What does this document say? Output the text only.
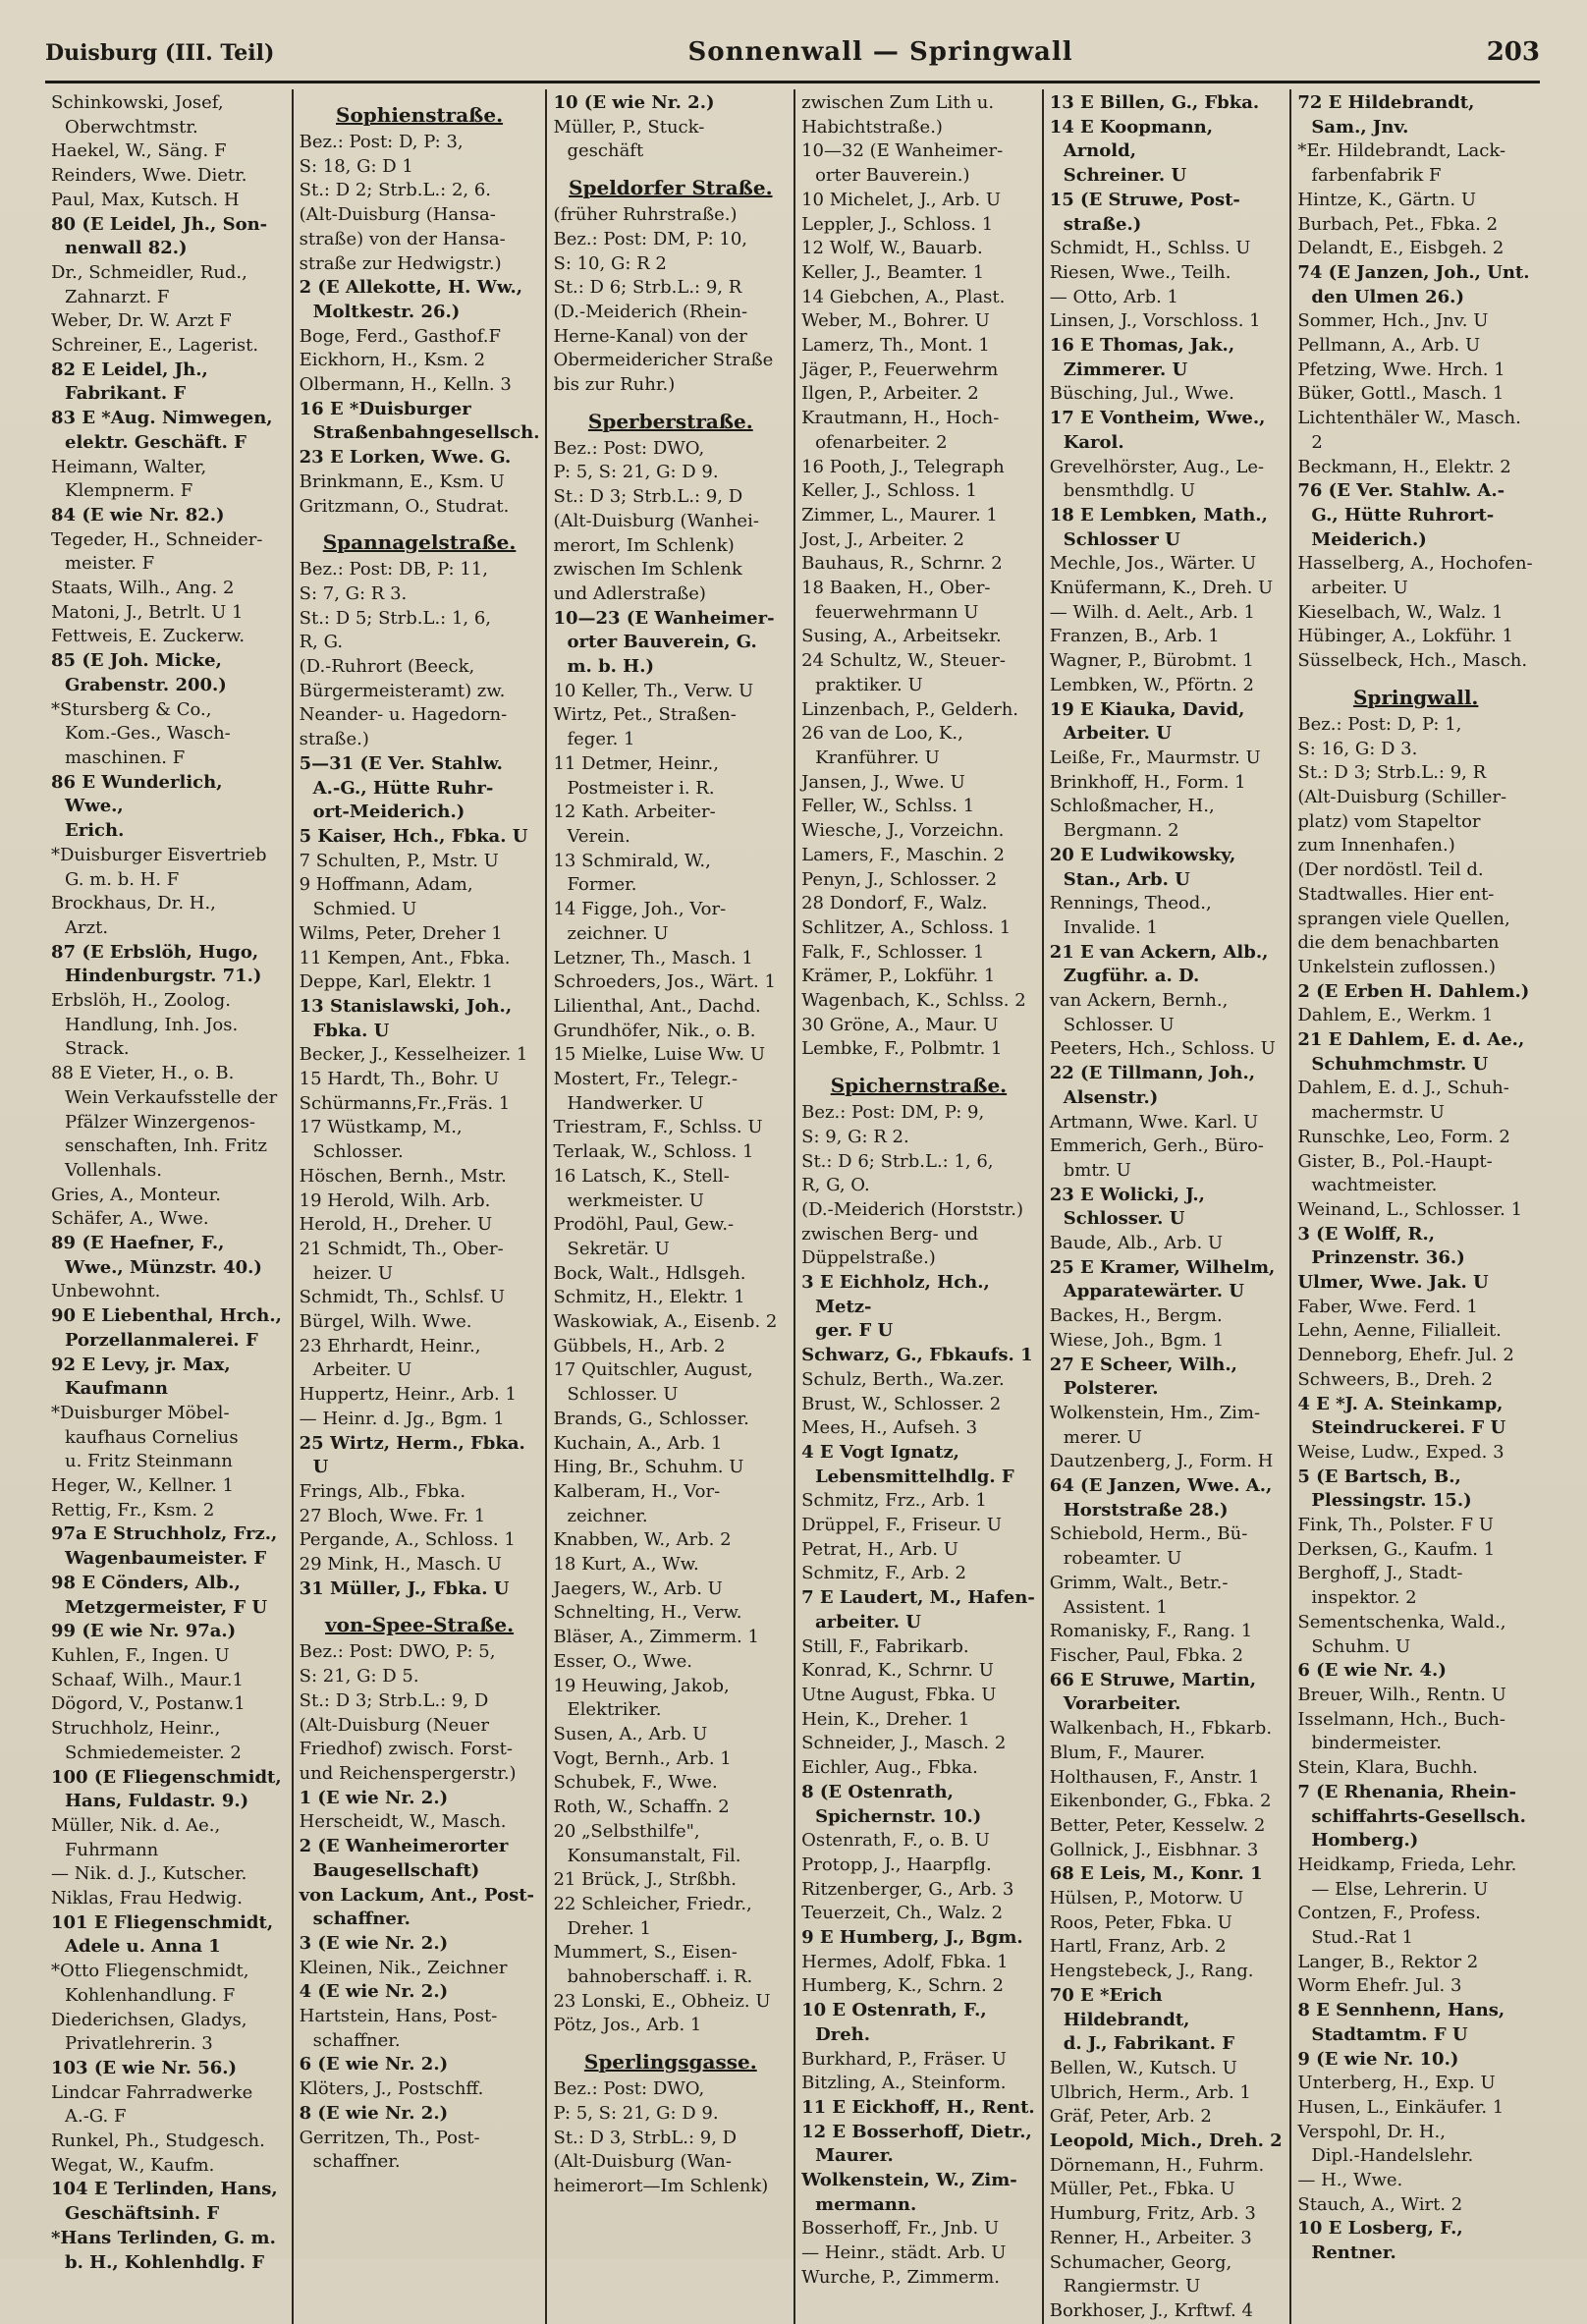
Duisburg (III. Teil)	Sonnenwall — Springwall	203
Schinkowski, Josef,
Oberwchtmstr.
Haekel, W., Säng. F
Reinders, Wwe. Dietr.
Paul, Max, Kutsch. H
80 (E Leidel, Jh., Son-
nenwall 82.)
Dr., Schmeidler, Rud.,
Zahnarzt. F
Weber, Dr. W. Arzt F
Schreiner, E., Lagerist.
82 E Leidel, Jh.,
Fabrikant. F
83 E *Aug. Nimwegen,
elektr. Geschäft. F
Heimann, Walter,
Klempnerm. F
84 (E wie Nr. 82.)
Tegeder, H., Schneider-
meister. F
Staats, Wilh., Ang. 2
Matoni, J., Betrlt. U 1
Fettweis, E. Zuckerw.
85 (E Joh. Micke,
Grabenstr. 200.)
*Stursberg & Co.,
Kom.-Ges., Wasch-
maschinen. F
86 E Wunderlich, Wwe.,
Erich.
*Duisburger Eisvertrieb
G. m. b. H. F
Brockhaus, Dr. H.,
Arzt.
87 (E Erbslöh, Hugo,
Hindenburgstr. 71.)
Erbslöh, H., Zoolog.
Handlung, Inh. Jos.
Strack.
88 E Vieter, H., o. B.
Wein Verkaufsstelle der
Pfälzer Winzergenos-
senschaften, Inh. Fritz
Vollenhals.
Gries, A., Monteur.
Schäfer, A., Wwe.
89 (E Haefner, F.,
Wwe., Münzstr. 40.)
Unbewohnt.
90 E Liebenthal, Hrch.,
Porzellanmalerei. F
92 E Levy, jr. Max,
Kaufmann
*Duisburger Möbel-
kaufhaus Cornelius
u. Fritz Steinmann
Heger, W., Kellner. 1
Rettig, Fr., Ksm. 2
97a E Struchholz, Frz.,
Wagenbaumeister. F
98 E Cönders, Alb.,
Metzgermeister, F U
99 (E wie Nr. 97a.)
Kuhlen, F., Ingen. U
Schaaf, Wilh., Maur.1
Dögord, V., Postanw.1
Struchholz, Heinr.,
Schmiedemeister. 2
100 (E Fliegenschmidt,
Hans, Fuldastr. 9.)
Müller, Nik. d. Ae.,
Fuhrmann
— Nik. d. J., Kutscher.
Niklas, Frau Hedwig.
101 E Fliegenschmidt,
Adele u. Anna 1
*Otto Fliegenschmidt,
Kohlenhandlung. F
Diederichsen, Gladys,
Privatlehrerin. 3
103 (E wie Nr. 56.)
Lindcar Fahrradwerke
A.-G. F
Runkel, Ph., Studgesch.
Wegat, W., Kaufm.
104 E Terlinden, Hans,
Geschäftsinh. F
*Hans Terlinden, G. m.
b. H., Kohlenhdlg. F
Sophienstraße.
Bez.: Post: D, P: 3,
S: 18, G: D 1
St.: D 2; Strb.L.: 2, 6.
(Alt-Duisburg (Hansa-
straße) von der Hansa-
straße zur Hedwigstr.)
2 (E Allekotte, H. Ww.,
Moltkestr. 26.)
Boge, Ferd., Gasthof.F
Eickhorn, H., Ksm. 2
Olbermann, H., Kelln. 3
16 E *Duisburger
Straßenbahngesellsch.
23 E Lorken, Wwe. G.
Brinkmann, E., Ksm. U
Gritzmann, O., Studrat.
Spannagelstraße.
Bez.: Post: DB, P: 11,
S: 7, G: R 3.
St.: D 5; Strb.L.: 1, 6,
R, G.
(D.-Ruhrort (Beeck,
Bürgermeisteramt) zw.
Neander- u. Hagedorn-
straße.)
5—31 (E Ver. Stahlw.
A.-G., Hütte Ruhr-
ort-Meiderich.)
5 Kaiser, Hch., Fbka. U
7 Schulten, P., Mstr. U
9 Hoffmann, Adam,
Schmied. U
Wilms, Peter, Dreher 1
11 Kempen, Ant., Fbka.
Deppe, Karl, Elektr. 1
13 Stanislawski, Joh.,
Fbka. U
Becker, J., Kesselheizer. 1
15 Hardt, Th., Bohr. U
Schürmanns,Fr.,Fräs. 1
17 Wüstkamp, M.,
Schlosser.
Höschen, Bernh., Mstr.
19 Herold, Wilh. Arb.
Herold, H., Dreher. U
21 Schmidt, Th., Ober-
heizer. U
Schmidt, Th., Schlsf. U
Bürgel, Wilh. Wwe.
23 Ehrhardt, Heinr.,
Arbeiter. U
Huppertz, Heinr., Arb. 1
— Heinr. d. Jg., Bgm. 1
25 Wirtz, Herm., Fbka. U
Frings, Alb., Fbka.
27 Bloch, Wwe. Fr. 1
Pergande, A., Schloss. 1
29 Mink, H., Masch. U
31 Müller, J., Fbka. U
von-Spee-Straße.
Bez.: Post: DWO, P: 5,
S: 21, G: D 5.
St.: D 3; Strb.L.: 9, D
(Alt-Duisburg (Neuer
Friedhof) zwisch. Forst-
und Reichenspergerstr.)
1 (E wie Nr. 2.)
Herscheidt, W., Masch.
2 (E Wanheimerorter
Baugesellschaft)
von Lackum, Ant., Post-
schaffner.
3 (E wie Nr. 2.)
Kleinen, Nik., Zeichner
4 (E wie Nr. 2.)
Hartstein, Hans, Post-
schaffner.
6 (E wie Nr. 2.)
Klöters, J., Postschff.
8 (E wie Nr. 2.)
Gerritzen, Th., Post-
schaffner.
10 (E wie Nr. 2.)
Müller, P., Stuck-
geschäft
Speldorfer Straße.
(früher Ruhrstraße.)
Bez.: Post: DM, P: 10,
S: 10, G: R 2
St.: D 6; Strb.L.: 9, R
(D.-Meiderich (Rhein-
Herne-Kanal) von der
Obermeidericher Straße
bis zur Ruhr.)
Sperberstraße.
Bez.: Post: DWO,
P: 5, S: 21, G: D 9.
St.: D 3; Strb.L.: 9, D
(Alt-Duisburg (Wanhei-
merort, Im Schlenk)
zwischen Im Schlenk
und Adlerstraße)
10—23 (E Wanheimer-
orter Bauverein, G.
m. b. H.)
10 Keller, Th., Verw. U
Wirtz, Pet., Straßen-
feger. 1
11 Detmer, Heinr.,
Postmeister i. R.
12 Kath. Arbeiter-
Verein.
13 Schmirald, W.,
Former.
14 Figge, Joh., Vor-
zeichner. U
Letzner, Th., Masch. 1
Schroeders, Jos., Wärt. 1
Lilienthal, Ant., Dachd.
Grundhöfer, Nik., o. B.
15 Mielke, Luise Ww. U
Mostert, Fr., Telegr.-
Handwerker. U
Triestram, F., Schlss. U
Terlaak, W., Schloss. 1
16 Latsch, K., Stell-
werkmeister. U
Prodöhl, Paul, Gew.-
Sekretär. U
Bock, Walt., Hdlsgeh.
Schmitz, H., Elektr. 1
Waskowiak, A., Eisenb. 2
Gübbels, H., Arb. 2
17 Quitschler, August,
Schlosser. U
Brands, G., Schlosser.
Kuchain, A., Arb. 1
Hing, Br., Schuhm. U
Kalberam, H., Vor-
zeichner.
Knabben, W., Arb. 2
18 Kurt, A., Ww.
Jaegers, W., Arb. U
Schnelting, H., Verw.
Bläser, A., Zimmerm. 1
Esser, O., Wwe.
19 Heuwing, Jakob,
Elektriker.
Susen, A., Arb. U
Vogt, Bernh., Arb. 1
Schubek, F., Wwe.
Roth, W., Schaffn. 2
20 „Selbsthilfe",
Konsumanstalt, Fil.
21 Brück, J., Strßbh.
22 Schleicher, Friedr.,
Dreher. 1
Mummert, S., Eisen-
bahnoberschaff. i. R.
23 Lonski, E., Obheiz. U
Pötz, Jos., Arb. 1
Sperlingsgasse.
Bez.: Post: DWO,
P: 5, S: 21, G: D 9.
St.: D 3, StrbL.: 9, D
(Alt-Duisburg (Wan-
heimerort—Im Schlenk)
zwischen Zum Lith u.
Habichtstraße.)
10—32 (E Wanheimer-
orter Bauverein.)
10 Michelet, J., Arb. U
Leppler, J., Schloss. 1
12 Wolf, W., Bauarb.
Keller, J., Beamter. 1
14 Giebchen, A., Plast.
Weber, M., Bohrer. U
Lamerz, Th., Mont. 1
Jäger, P., Feuerwehrm
Ilgen, P., Arbeiter. 2
Krautmann, H., Hoch-
ofenarbeiter. 2
16 Pooth, J., Telegraph
Keller, J., Schloss. 1
Zimmer, L., Maurer. 1
Jost, J., Arbeiter. 2
Bauhaus, R., Schrnr. 2
18 Baaken, H., Ober-
feuerwehrmann U
Susing, A., Arbeitsekr.
24 Schultz, W., Steuer-
praktiker. U
Linzenbach, P., Gelderh.
26 van de Loo, K.,
Kranführer. U
Jansen, J., Wwe. U
Feller, W., Schlss. 1
Wiesche, J., Vorzeichn.
Lamers, F., Maschin. 2
Penyn, J., Schlosser. 2
28 Dondorf, F., Walz.
Schlitzer, A., Schloss. 1
Falk, F., Schlosser. 1
Krämer, P., Lokführ. 1
Wagenbach, K., Schlss. 2
30 Gröne, A., Maur. U
Lembke, F., Polbmtr. 1
Spichernstraße.
Bez.: Post: DM, P: 9,
S: 9, G: R 2.
St.: D 6; Strb.L.: 1, 6,
R, G, O.
(D.-Meiderich (Horststr.)
zwischen Berg- und
Düppelstraße.)
3 E Eichholz, Hch., Metz-
ger. F U
Schwarz, G., Fbkaufs. 1
Schulz, Berth., Wa.zer.
Brust, W., Schlosser. 2
Mees, H., Aufseh. 3
4 E Vogt Ignatz,
Lebensmittelhdlg. F
Schmitz, Frz., Arb. 1
Drüppel, F., Friseur. U
Petrat, H., Arb. U
Schmitz, F., Arb. 2
7 E Laudert, M., Hafen-
arbeiter. U
Still, F., Fabrikarb.
Konrad, K., Schrnr. U
Utne August, Fbka. U
Hein, K., Dreher. 1
Schneider, J., Masch. 2
Eichler, Aug., Fbka.
8 (E Ostenrath,
Spichernstr. 10.)
Ostenrath, F., o. B. U
Protopp, J., Haarpflg.
Ritzenberger, G., Arb. 3
Teuerzeit, Ch., Walz. 2
9 E Humberg, J., Bgm.
Hermes, Adolf, Fbka. 1
Humberg, K., Schrn. 2
10 E Ostenrath, F., Dreh.
Burkhard, P., Fräser. U
Bitzling, A., Steinform.
11 E Eickhoff, H., Rent.
12 E Bosserhoff, Dietr.,
Maurer.
Wolkenstein, W., Zim-
mermann.
Bosserhoff, Fr., Jnb. U
— Heinr., städt. Arb. U
Wurche, P., Zimmerm.
13 E Billen, G., Fbka.
14 E Koopmann, Arnold,
Schreiner. U
15 (E Struwe, Post-
straße.)
Schmidt, H., Schlss. U
Riesen, Wwe., Teilh.
— Otto, Arb. 1
Linsen, J., Vorschloss. 1
16 E Thomas, Jak.,
Zimmerer. U
Büsching, Jul., Wwe.
17 E Vontheim, Wwe.,
Karol.
Grevelhörster, Aug., Le-
bensmthdlg. U
18 E Lembken, Math.,
Schlosser U
Mechle, Jos., Wärter. U
Knüfermann, K., Dreh. U
— Wilh. d. Aelt., Arb. 1
Franzen, B., Arb. 1
Wagner, P., Bürobmt. 1
Lembken, W., Pförtn. 2
19 E Kiauka, David,
Arbeiter. U
Leiße, Fr., Maurmstr. U
Brinkhoff, H., Form. 1
Schloßmacher, H.,
Bergmann. 2
20 E Ludwikowsky,
Stan., Arb. U
Rennings, Theod.,
Invalide. 1
21 E van Ackern, Alb.,
Zugführ. a. D.
van Ackern, Bernh.,
Schlosser. U
Peeters, Hch., Schloss. U
22 (E Tillmann, Joh.,
Alsenstr.)
Artmann, Wwe. Karl. U
Emmerich, Gerh., Büro-
bmtr. U
23 E Wolicki, J.,
Schlosser. U
Baude, Alb., Arb. U
25 E Kramer, Wilhelm,
Apparatewärter. U
Backes, H., Bergm.
Wiese, Joh., Bgm. 1
27 E Scheer, Wilh.,
Polsterer.
Wolkenstein, Hm., Zim-
merer. U
Dautzenberg, J., Form. H
64 (E Janzen, Wwe. A.,
Horststraße 28.)
Schiebold, Herm., Bü-
robeamter. U
Grimm, Walt., Betr.-
Assistent. 1
Romanisky, F., Rang. 1
Fischer, Paul, Fbka. 2
66 E Struwe, Martin,
Vorarbeiter.
Walkenbach, H., Fbkarb.
Blum, F., Maurer.
Holthausen, F., Anstr. 1
Eikenbonder, G., Fbka. 2
Better, Peter, Kesselw. 2
Gollnick, J., Eisbhnar. 3
68 E Leis, M., Konr. 1
Hülsen, P., Motorw. U
Roos, Peter, Fbka. U
Hartl, Franz, Arb. 2
Hengstebeck, J., Rang.
70 E *Erich Hildebrandt,
d. J., Fabrikant. F
Bellen, W., Kutsch. U
Ulbrich, Herm., Arb. 1
Gräf, Peter, Arb. 2
Leopold, Mich., Dreh. 2
Dörnemann, H., Fuhrm.
Müller, Pet., Fbka. U
Humburg, Fritz, Arb. 3
Renner, H., Arbeiter. 3
Schumacher, Georg,
Rangiermstr. U
Borkhoser, J., Krftwf. 4
72 E Hildebrandt,
Sam., Jnv.
*Er. Hildebrandt, Lack-
farbenfabrik F
Hintze, K., Gärtn. U
Burbach, Pet., Fbka. 2
Delandt, E., Eisbgeh. 2
74 (E Janzen, Joh., Unt.
den Ulmen 26.)
Sommer, Hch., Jnv. U
Pellmann, A., Arb. U
Pfetzing, Wwe. Hrch. 1
Büker, Gottl., Masch. 1
Lichtenthäler W., Masch. 2
Beckmann, H., Elektr. 2
76 (E Ver. Stahlw. A.-
G., Hütte Ruhrort-
Meiderich.)
Hasselberg, A., Hochofen-
arbeiter. U
Kieselbach, W., Walz. 1
Hübinger, A., Lokführ. 1
Süsselbeck, Hch., Masch.
Springwall.
Bez.: Post: D, P: 1,
S: 16, G: D 3.
St.: D 3; Strb.L.: 9, R
(Alt-Duisburg (Schiller-
platz) vom Stapeltor
zum Innenhafen.)
(Der nordöstl. Teil d.
Stadtwalles. Hier ent-
sprangen viele Quellen,
die dem benachbarten
Unkelstein zuflossen.)
2 (E Erben H. Dahlem.)
Dahlem, E., Werkm. 1
21 E Dahlem, E. d. Ae.,
Schuhmchmstr. U
Dahlem, E. d. J., Schuh-
machermstr. U
Runschke, Leo, Form. 2
Gister, B., Pol.-Haupt-
wachtmeister.
Weinand, L., Schlosser. 1
3 (E Wolff, R.,
Prinzenstr. 36.)
Ulmer, Wwe. Jak. U
Faber, Wwe. Ferd. 1
Lehn, Aenne, Filialleit.
Denneborg, Ehefr. Jul. 2
Schweers, B., Dreh. 2
4 E *J. A. Steinkamp,
Steindruckerei. F U
Weise, Ludw., Exped. 3
5 (E Bartsch, B.,
Plessingstr. 15.)
Fink, Th., Polster. F U
Derksen, G., Kaufm. 1
Berghoff, J., Stadt-
inspektor. 2
Sementschenka, Wald.,
Schuhm. U
6 (E wie Nr. 4.)
Breuer, Wilh., Rentn. U
Isselmann, Hch., Buch-
bindermeister.
Stein, Klara, Buchh.
7 (E Rhenania, Rhein-
schiffahrts-Gesellsch.
Homberg.)
Heidkamp, Frieda, Lehr.
— Else, Lehrerin. U
Contzen, F., Profess.
Stud.-Rat 1
Langer, B., Rektor 2
Worm Ehefr. Jul. 3
8 E Sennhenn, Hans,
Stadtamtm. F U
9 (E wie Nr. 10.)
Unterberg, H., Exp. U
Husen, L., Einkäufer. 1
Verspohl, Dr. H.,
Dipl.-Handelslehr.
— H., Wwe.
Stauch, A., Wirt. 2
10 E Losberg, F.,
Rentner.
